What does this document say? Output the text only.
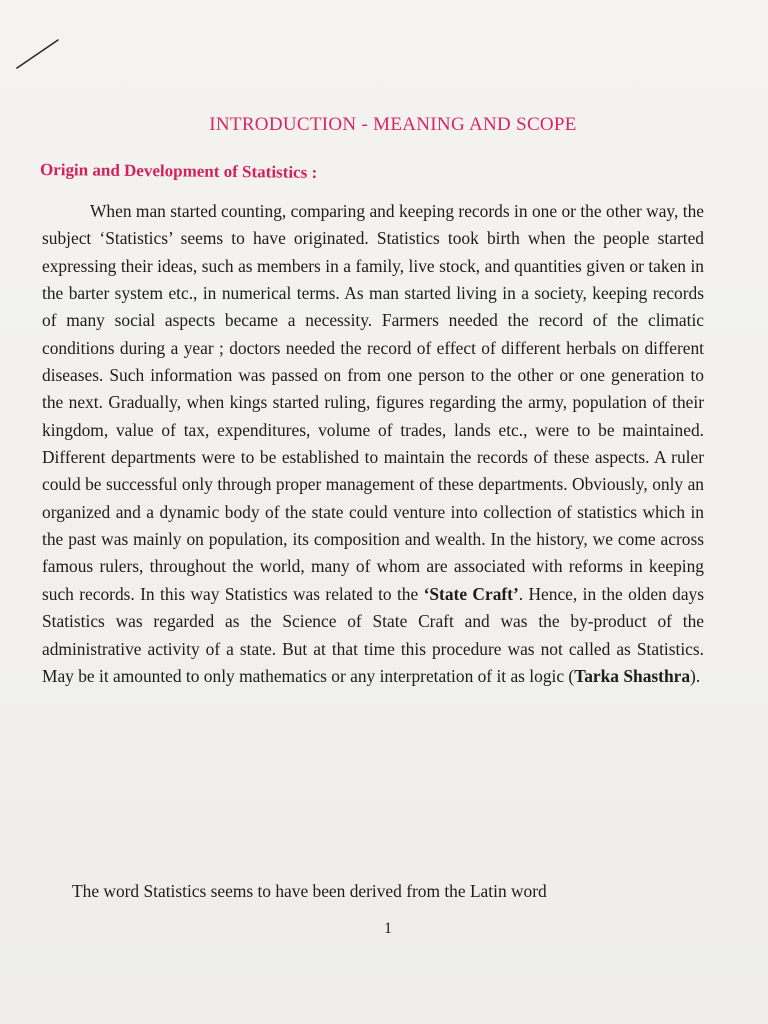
INTRODUCTION - MEANING AND SCOPE
Origin and Development of Statistics :

When man started counting, comparing and keeping records in one or the other way, the subject ‘Statistics’ seems to have originated. Statistics took birth when the people started expressing their ideas, such as members in a family, live stock, and quantities given or taken in the barter system etc., in numerical terms. As man started living in a society, keeping records of many social aspects became a necessity. Farmers needed the record of the climatic conditions during a year ; doctors needed the record of effect of different herbals on different diseases. Such information was passed on from one person to the other or one generation to the next. Gradually, when kings started ruling, figures regarding the army, population of their kingdom, value of tax, expenditures, volume of trades, lands etc., were to be maintained. Different departments were to be established to maintain the records of these aspects. A ruler could be successful only through proper management of these departments. Obviously, only an organized and a dynamic body of the state could venture into collection of statistics which in the past was mainly on population, its composition and wealth. In the history, we come across famous rulers, throughout the world, many of whom are associated with reforms in keeping such records. In this way Statistics was related to the ‘State Craft’. Hence, in the olden days Statistics was regarded as the Science of State Craft and was the by-product of the administrative activity of a state. But at that time this procedure was not called as Statistics. May be it amounted to only mathematics or any interpretation of it as logic (Tarka Shasthra).

The word Statistics seems to have been derived from the Latin word

1
